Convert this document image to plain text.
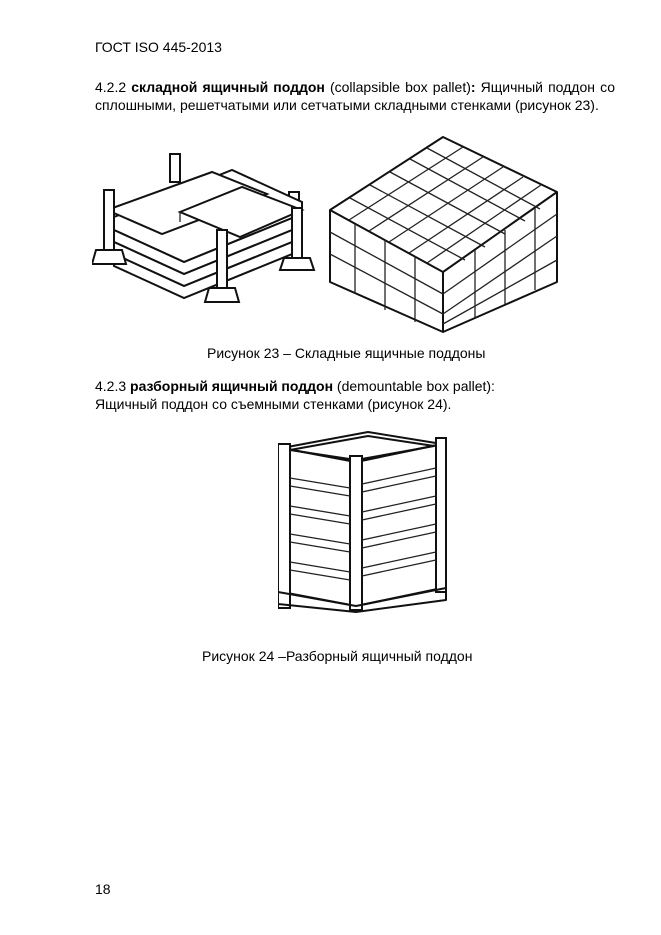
ГОСТ ISO 445-2013
4.2.2 складной ящичный поддон (collapsible box pallet): Ящичный поддон со сплошными, решетчатыми или сетчатыми складными стенками (рисунок 23).
Рисунок 23 – Складные ящичные поддоны
4.2.3 разборный ящичный поддон (demountable box pallet):
Ящичный поддон со съемными стенками (рисунок 24).
Рисунок 24 –Разборный ящичный поддон
18
